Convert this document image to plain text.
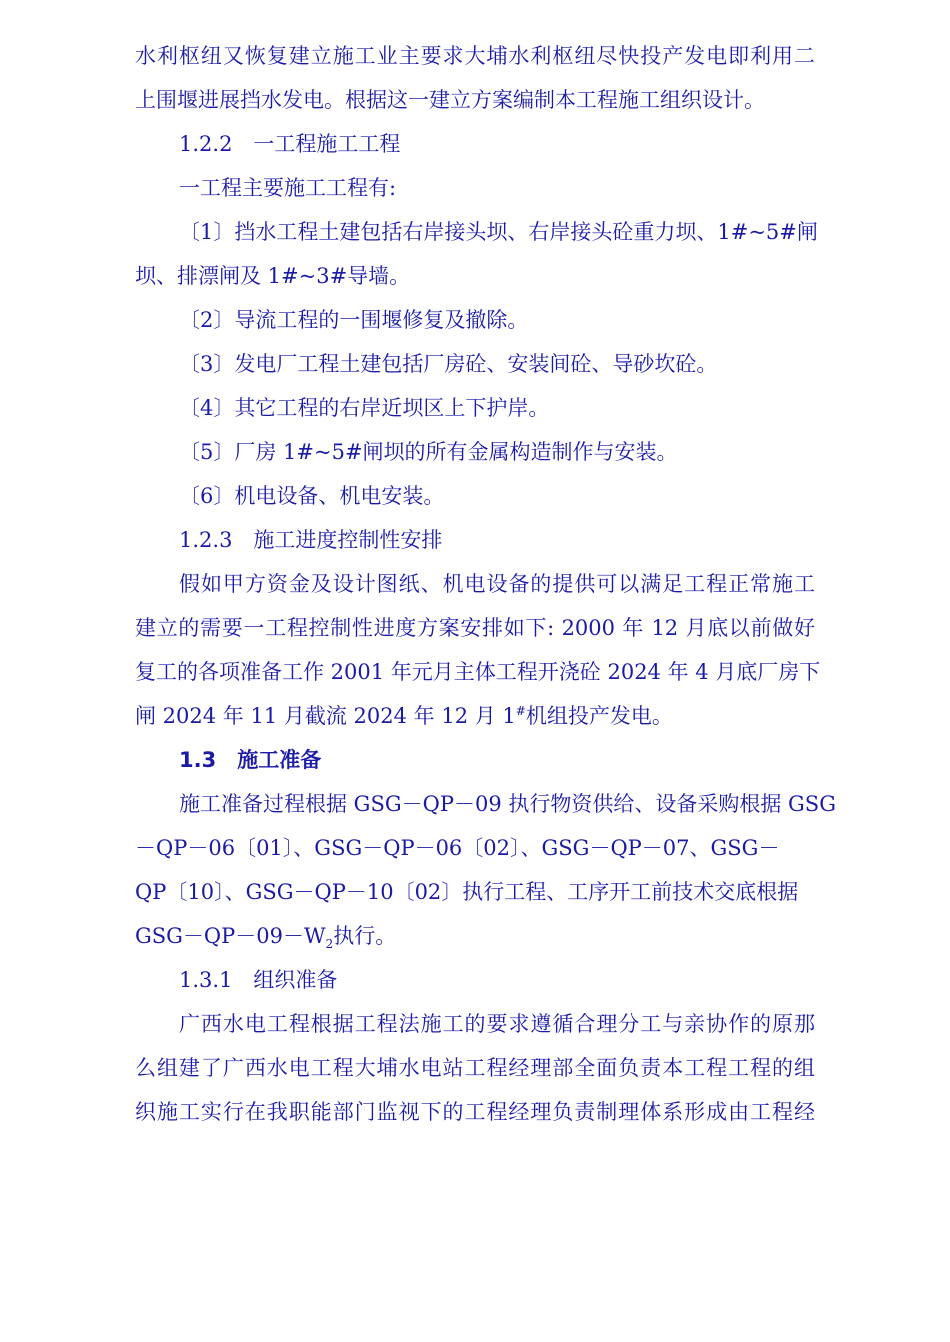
水利枢纽又恢复建立施工业主要求大埔水利枢纽尽快投产发电即利用二
上围堰进展挡水发电。根据这一建立方案编制本工程施工组织设计。
1.2.2　一工程施工工程
一工程主要施工工程有:
〔1〕挡水工程土建包括右岸接头坝、右岸接头砼重力坝、1#~5#闸
坝、排漂闸及 1#~3#导墙。
〔2〕导流工程的一围堰修复及撤除。
〔3〕发电厂工程土建包括厂房砼、安装间砼、导砂坎砼。
〔4〕其它工程的右岸近坝区上下护岸。
〔5〕厂房 1#~5#闸坝的所有金属构造制作与安装。
〔6〕机电设备、机电安装。
1.2.3　施工进度控制性安排
假如甲方资金及设计图纸、机电设备的提供可以满足工程正常施工
建立的需要一工程控制性进度方案安排如下: 2000 年 12 月底以前做好
复工的各项准备工作 2001 年元月主体工程开浇砼 2024 年 4 月底厂房下
闸 2024 年 11 月截流 2024 年 12 月 1#机组投产发电。
1.3　施工准备
施工准备过程根据 GSG－QP－09 执行物资供给、设备采购根据 GSG
－QP－06〔01〕、GSG－QP－06〔02〕、GSG－QP－07、GSG－
QP〔10〕、GSG－QP－10〔02〕执行工程、工序开工前技术交底根据
$GSG-QP-09-W_2$执行。
1.3.1　组织准备
广西水电工程根据工程法施工的要求遵循合理分工与亲协作的原那
么组建了广西水电工程大埔水电站工程经理部全面负责本工程工程的组
织施工实行在我职能部门监视下的工程经理负责制理体系形成由工程经
